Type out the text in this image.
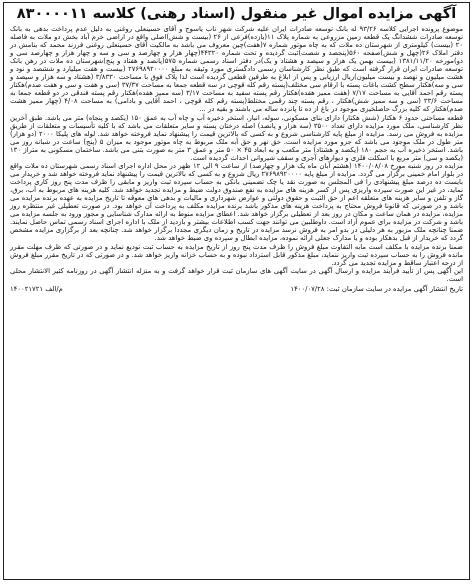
آگهی مزایده اموال غیر منقول (اسناد رهنی) کلاسه ۸۳۰۰۰۰۱۱

موضوع پرونده اجرایی کلاسه ۹۳/۲۶ له بانک توسعه صادرات ایران علیه شرکت شهر ناب یاسوج و آقای حسینعلی روغنی به دلیل عدم پرداخت بدهی به بانک توسعه صادرات ششدانگ یک قطعه زمین مزروعی به شماره پلاک ۱۱(یازده)فرعی از ۲۶ (بیست و شش)اصلی واقع در اراضی خرم آباد بخش دو ملات به فاصله ۲۰ (بیست) کیلومتری از شهرستان ده ملات که به چاه موتور شماره ۷(هفت)چین معروف می باشد به مالکیت آقای حسینعلی روغنی فرزند محمد که بنامش در دفتر املاک ۲۶(چهل و شش)صفحه ۵۶۰(پنجصد و شصت)ثبت گردیده و تحت شماره ۴۴۳۲۰(چهار هزار و چهارصد و سی و سه و چهار هزار و چهارصد سی و دو)مورخه ۱۳۸۱/۱۱/۲۰ (بیست بهمن یک هزار و سیصد و هشتاد و یک)در دفتر اسناد رسمی شماره ۵۷۵(پانصد و هفتاد و پنج)شهرستان ده ملات در رهن بانک توسعه صادرات ایران قرار گرفته است که طبق نظر کارشناسان رسمی دادگستری مورد وثیقه به مبلغ ۲۷۶۹۸۹۲۰۰۰۰ (بیست و هفت میلیارد و ششصد و نود و هشت میلیون و نهصد و بیست میلیون)ریال ارزیابی و پس از ابلاغ به طرفین قطعی گردیده است لذا پلاک فوق با مساحت ۳/۸۳۳۰ (هشتاد و سه هزار و سیصد و سی و سه)هکتار سطح کشت باغات پسته با ارقام سی مختلف(پسته رقم کله قوچی در سه قطعه جمعا به مساحت ۳۷/۳۷ (سی و هفت و سی و هفت صدم)هکتار پسته رقم احمد آقایی به مساحت ۷/۱۷ (هفت مميز هفده)هکتار رقم پسته سفید به مساحت ۳/۱۷ (سه مميز هفده)هکتار رقم پسته فندقی در دو قطعه جمعا به مساحت ۳۳/۶ (سی و سه مميز شش)هکتار ، رقم پسته چند رقمی مختلط(پسته رقم کله قوچی ، احمد آقایی و بادامی) به مساحت ۴/۰۸ (چهار مميز هشت صدم)هکتار که کلیه بزرگ حاصلخیزی موجود در باغ از ده تا پانزده ساله می باشند و بقیه در ...

قطعه مساحتی حدود ۶ هکتار (شش هکتار) دارای بنای مسکونی، سوله، انبار، استخر ذخیره آب و چاه آب به عمق ۱۵۰ (یکصد و پنجاه) متر می باشد. طبق آخرین نظر کارشناسی، ملک مورد مزایده دارای تعداد ۳۵۰۰ (سه هزار و پانصد) اصله درختان پسته و سایر متعلقات می باشد که با کلیه تأسیسات و متعلقات از طریق مزایده به فروش می رسد. مزایده از مبلغ پایه کارشناسی شروع و به کسی که بالاترین قیمت را پیشنهاد نماید فروخته خواهد شد. لوله های پلیکا ۲۰۰۰ (دو هزار) متر طول در ملک موجود می باشد که جزو مورد مزایده است. حق نهر و حق آبه ملک مربوط به چاه موتور موجود به میزان ۵ (پنج) ساعت در شبانه روز می باشد. استخر ذخیره آب به حجم ۱۸۰ (یکصد و هشتاد) متر مکعب و به ابعاد ۴۵ × ۵۰ متر و عمق ۳ متر به صورت بتنی می باشد. ساختمان مسکونی به متراژ ۱۳۰ (یکصد و سی) متر مربع با اسکلت فلزی و دیوارهای آجری و سقف شیروانی احداث گردیده است.

مزایده در روز شنبه مورخ ۱۴۰۰/۰۸/۰۸ (هشتم آبان ماه یک هزار و چهارصد) از ساعت ۹ الی ۱۲ ظهر در محل اداره اجرای اسناد رسمی شهرستان ده ملات واقع در بلوار امام خمینی برگزار می گردد. مزایده از مبلغ پایه ۲۷۶۹۸۹۲۰۰۰۰ ریال شروع و به کسی که بالاترین قیمت را پیشنهاد نماید فروخته خواهد شد و خریدار می بایست ده درصد مبلغ پیشنهادی را فی المجلس به صورت نقد یا چک تضمینی بانکی به حساب سپرده ثبت واریز و مابقی را ظرف مدت پنج روز کاری پرداخت نماید، در غیر این صورت سپرده واریزی پس از کسر هزینه های مزایده به نفع صندوق دولت ضبط و مزایده تجدید خواهد شد. کلیه هزینه های مربوط به آب، برق، گاز و تلفن و سایر هزینه های متعلقه اعم از حق الثبت و حقوق دولتی و عوارض شهرداری و مالیات و بدهی های معوقه تا تاریخ مزایده به عهده برنده مزایده می باشد و در صورتی که قانونا فروش محتاج به پرداخت هزینه های مذکور باشد برنده مزایده مکلف به پرداخت آن خواهد بود. در صورت تعطیلی غیر منتظره روز مزایده، مزایده در همان ساعت و مکان در روز بعد از تعطیلی برگزار خواهد شد. اعطای مزایده منوط به ارائه مدارک شناسایی و مجوز ورود به جلسه مزایده می باشد و شرکت در مزایده برای عموم آزاد است. داوطلبین می توانند جهت کسب اطلاعات بیشتر و بازدید از ملک با اداره اجرای اسناد رسمی تماس حاصل نمایند. ضمنا چنانچه ملک مزبور به هر دلیلی در بدو امر به فروش نرسد مزایده در تاریخ و زمان دیگری مجددا برگزار خواهد شد. چنانچه بعد از برگزاری مزایده مشخص گردد که خریدار از قبل بدهکار بوده و یا مدارک جعلی ارائه نموده، مزایده ابطال و سپرده وی ضبط خواهد شد.

ضمنا برنده مزایده با مکلف است مابه التفاوت مبلغ فروش را ظرف مدت پنج روز از تاریخ مزایده به حساب ثبت تودیع نماید و در صورتی که ظرف مهلت مقرر مانده فروش را به حساب سپرده ثبت واریز ننماید، مبلغ مذکور قابل استرداد نبوده و به حساب خزانه واریز خواهد شد. و در صورتی که در تاریخ مقرر مبلغ فروش از درجه اعتبار ساقط و مزایده تجدید می گردد.

این آگهی پس از تأیید فرآیند مزایده و ارسال آگهی در سایت آگهی های سازمان ثبت قرار خواهد گرفت و به منزله انتشار آگهی در روزنامه کثیر الانتشار محلی است.

تاریخ انتشار آگهی مزایده در سایت سازمان ثبت: ۱۴۰۰/۰۷/۲۸
م/الف ۱۴۰۰۲۱۷۲۱
